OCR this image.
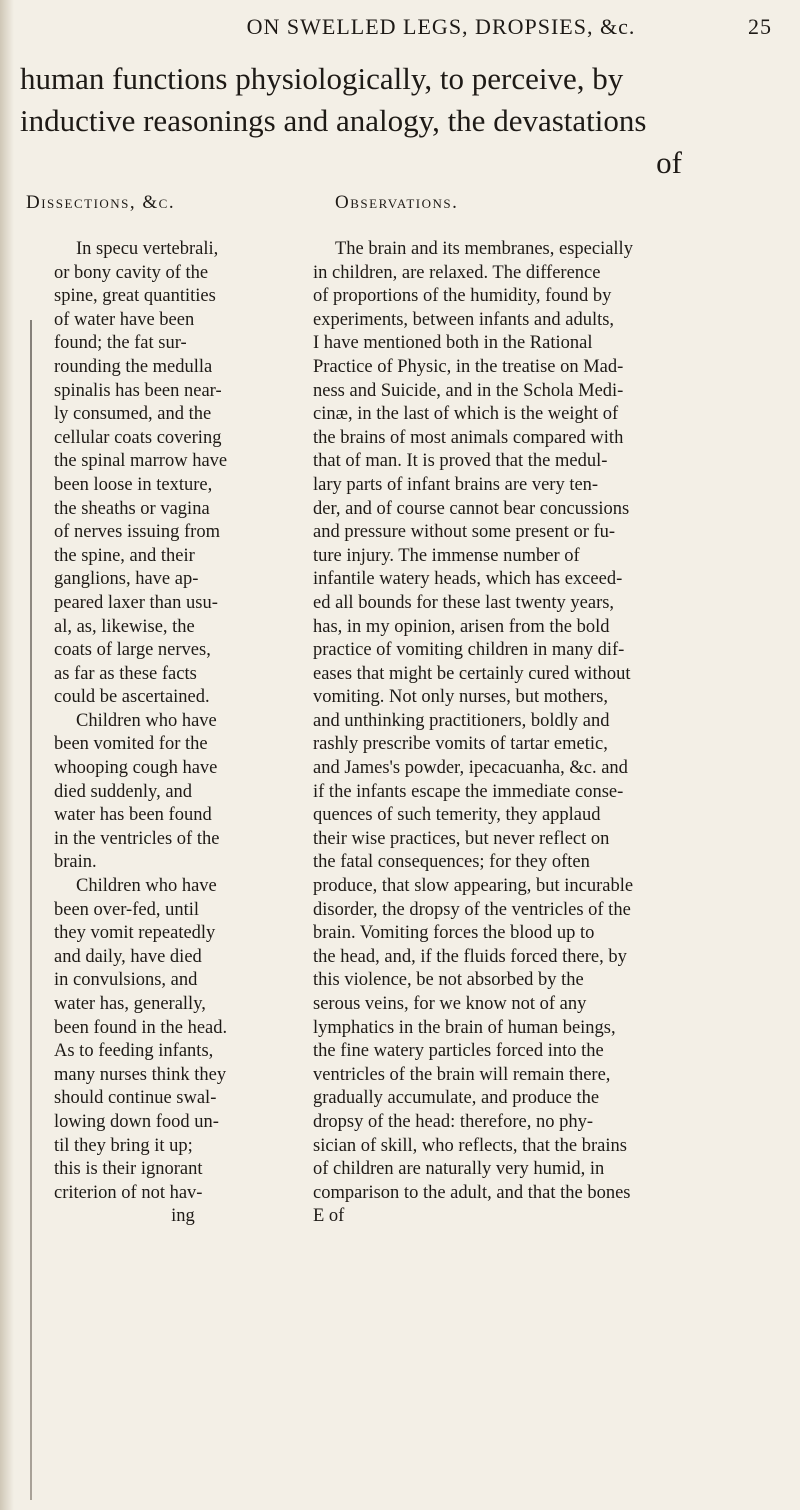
ON SWELLED LEGS, DROPSIES, &c.	25
human functions physiologically, to perceive, by
inductive reasonings and analogy, the devastations
of
Dissections, &c.	Observations.
In specu vertebrali,
or bony cavity of the
spine, great quantities
of water have been
found; the fat sur-
rounding the medulla
spinalis has been near-
ly consumed, and the
cellular coats covering
the spinal marrow have
been loose in texture,
the sheaths or vagina
of nerves issuing from
the spine, and their
ganglions, have ap-
peared laxer than usu-
al, as, likewise, the
coats of large nerves,
as far as these facts
could be ascertained.
Children who have
been vomited for the
whooping cough have
died suddenly, and
water has been found
in the ventricles of the
brain.
Children who have
been over-fed, until
they vomit repeatedly
and daily, have died
in convulsions, and
water has, generally,
been found in the head.
As to feeding infants,
many nurses think they
should continue swal-
lowing down food un-
til they bring it up;
this is their ignorant
criterion of not hav-
ing
The brain and its membranes, especially
in children, are relaxed. The difference
of proportions of the humidity, found by
experiments, between infants and adults,
I have mentioned both in the Rational
Practice of Physic, in the treatise on Mad-
ness and Suicide, and in the Schola Medi-
cinæ, in the last of which is the weight of
the brains of most animals compared with
that of man. It is proved that the medul-
lary parts of infant brains are very ten-
der, and of course cannot bear concussions
and pressure without some present or fu-
ture injury. The immense number of
infantile watery heads, which has exceed-
ed all bounds for these last twenty years,
has, in my opinion, arisen from the bold
practice of vomiting children in many dif-
eases that might be certainly cured without
vomiting. Not only nurses, but mothers,
and unthinking practitioners, boldly and
rashly prescribe vomits of tartar emetic,
and James's powder, ipecacuanha, &c. and
if the infants escape the immediate conse-
quences of such temerity, they applaud
their wise practices, but never reflect on
the fatal consequences; for they often
produce, that slow appearing, but incurable
disorder, the dropsy of the ventricles of the
brain. Vomiting forces the blood up to
the head, and, if the fluids forced there, by
this violence, be not absorbed by the
serous veins, for we know not of any
lymphatics in the brain of human beings,
the fine watery particles forced into the
ventricles of the brain will remain there,
gradually accumulate, and produce the
dropsy of the head: therefore, no phy-
sician of skill, who reflects, that the brains
of children are naturally very humid, in
comparison to the adult, and that the bones
E of
